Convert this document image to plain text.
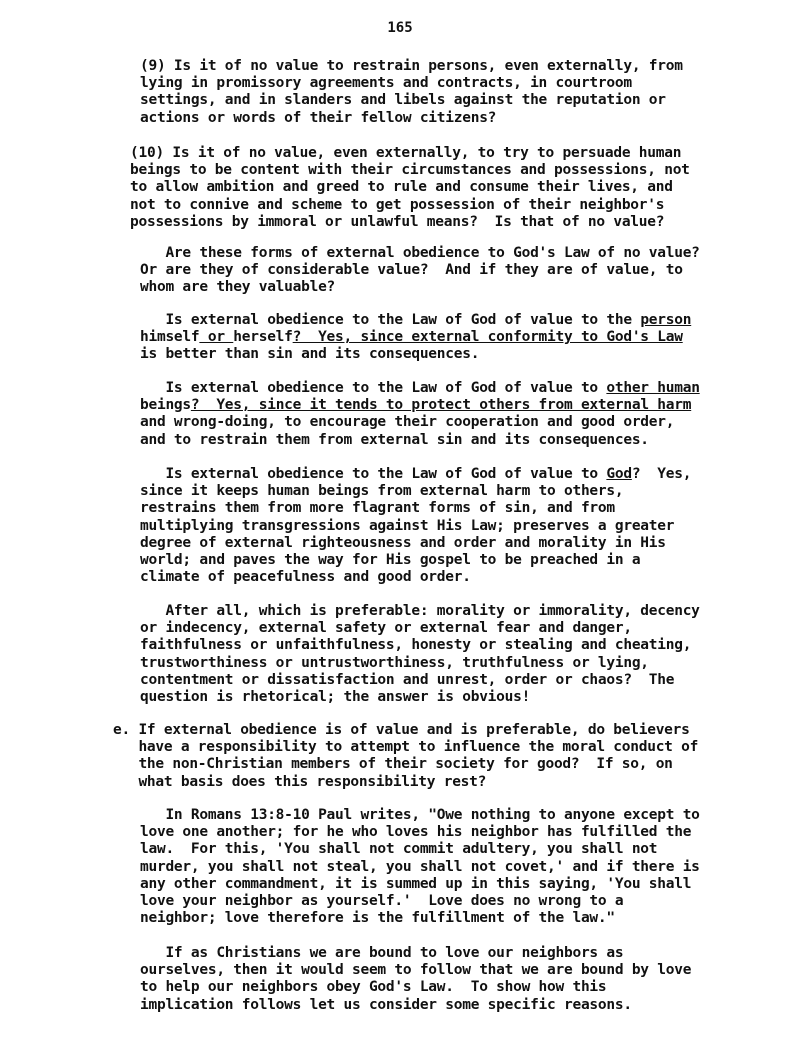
165
(9) Is it of no value to restrain persons, even externally, from
lying in promissory agreements and contracts, in courtroom
settings, and in slanders and libels against the reputation or
actions or words of their fellow citizens?
(10) Is it of no value, even externally, to try to persuade human
beings to be content with their circumstances and possessions, not
to allow ambition and greed to rule and consume their lives, and
not to connive and scheme to get possession of their neighbor's
possessions by immoral or unlawful means?  Is that of no value?
Are these forms of external obedience to God's Law of no value?
Or are they of considerable value?  And if they are of value, to
whom are they valuable?
Is external obedience to the Law of God of value to the person
himself or herself?  Yes, since external conformity to God's Law
is better than sin and its consequences.
Is external obedience to the Law of God of value to other human
beings?  Yes, since it tends to protect others from external harm
and wrong-doing, to encourage their cooperation and good order,
and to restrain them from external sin and its consequences.
Is external obedience to the Law of God of value to God?  Yes,
since it keeps human beings from external harm to others,
restrains them from more flagrant forms of sin, and from
multiplying transgressions against His Law; preserves a greater
degree of external righteousness and order and morality in His
world; and paves the way for His gospel to be preached in a
climate of peacefulness and good order.
After all, which is preferable: morality or immorality, decency
or indecency, external safety or external fear and danger,
faithfulness or unfaithfulness, honesty or stealing and cheating,
trustworthiness or untrustworthiness, truthfulness or lying,
contentment or dissatisfaction and unrest, order or chaos?  The
question is rhetorical; the answer is obvious!
e. If external obedience is of value and is preferable, do believers
have a responsibility to attempt to influence the moral conduct of
the non-Christian members of their society for good?  If so, on
what basis does this responsibility rest?
In Romans 13:8-10 Paul writes, "Owe nothing to anyone except to
love one another; for he who loves his neighbor has fulfilled the
law.  For this, 'You shall not commit adultery, you shall not
murder, you shall not steal, you shall not covet,' and if there is
any other commandment, it is summed up in this saying, 'You shall
love your neighbor as yourself.'  Love does no wrong to a
neighbor; love therefore is the fulfillment of the law."
If as Christians we are bound to love our neighbors as
ourselves, then it would seem to follow that we are bound by love
to help our neighbors obey God's Law.  To show how this
implication follows let us consider some specific reasons.
